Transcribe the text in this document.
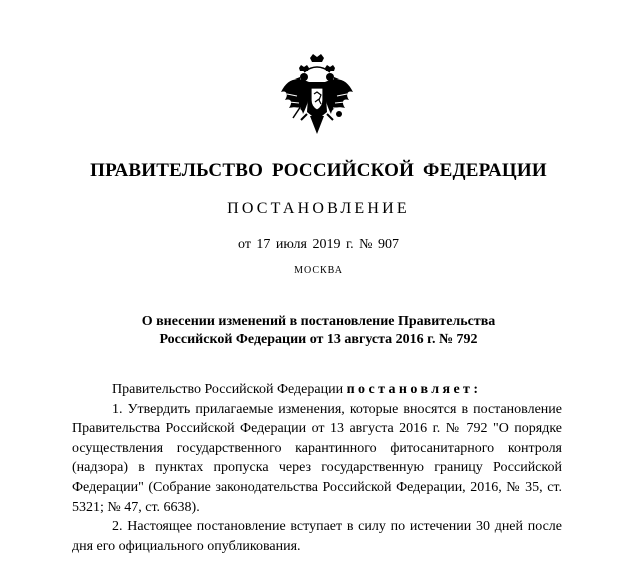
ПРАВИТЕЛЬСТВО РОССИЙСКОЙ ФЕДЕРАЦИИ
ПОСТАНОВЛЕНИЕ
от 17 июля 2019 г. № 907
МОСКВА
О внесении изменений в постановление Правительства
Российской Федерации от 13 августа 2016 г. № 792

Правительство Российской Федерации постановляет:

1. Утвердить прилагаемые изменения, которые вносятся в постановление Правительства Российской Федерации от 13 августа 2016 г. № 792 "О порядке осуществления государственного карантинного фитосанитарного контроля (надзора) в пунктах пропуска через государственную границу Российской Федерации" (Собрание законодательства Российской Федерации, 2016, № 35, ст. 5321; № 47, ст. 6638).

2. Настоящее постановление вступает в силу по истечении 30 дней после дня его официального опубликования.
